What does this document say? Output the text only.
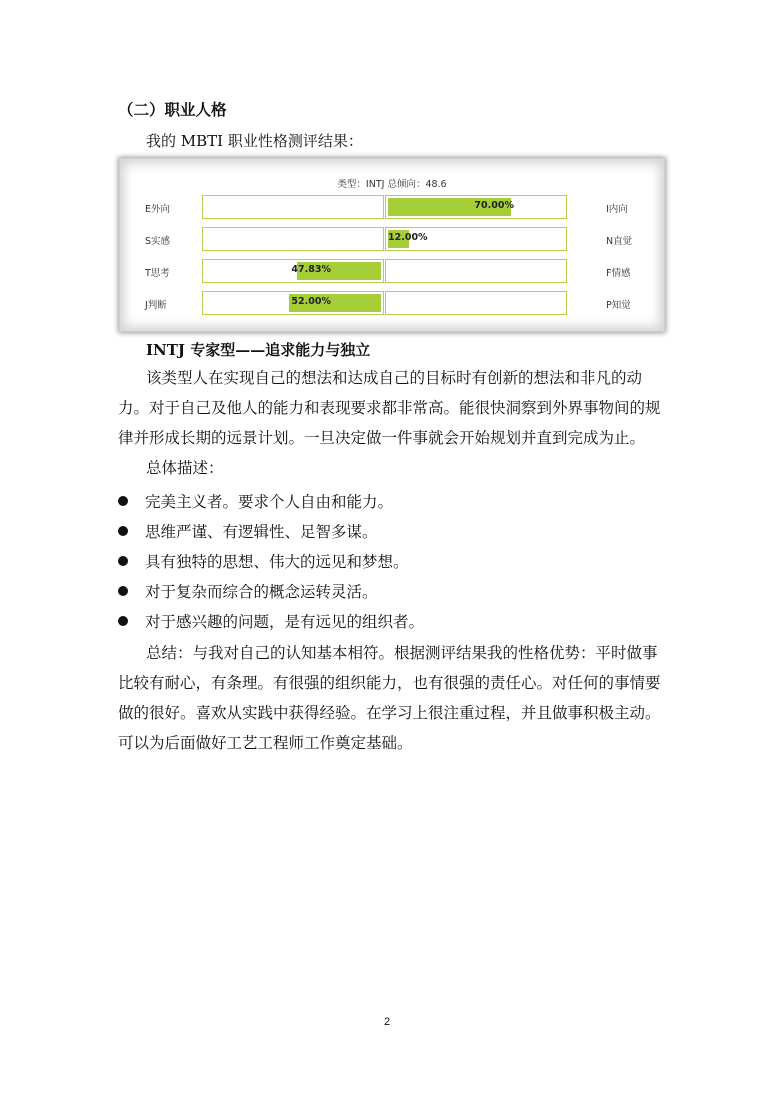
（二）职业人格
我的 MBTI 职业性格测评结果：
类型：INTJ 总倾向：48.6
E外向	70.00%	I内向
S实感	12.00%	N直觉
T思考	47.83%	F情感
J判断	52.00%	P知觉
INTJ 专家型——追求能力与独立
该类型人在实现自己的想法和达成自己的目标时有创新的想法和非凡的动
力。对于自己及他人的能力和表现要求都非常高。能很快洞察到外界事物间的规
律并形成长期的远景计划。一旦决定做一件事就会开始规划并直到完成为止。
总体描述：
完美主义者。要求个人自由和能力。
思维严谨、有逻辑性、足智多谋。
具有独特的思想、伟大的远见和梦想。
对于复杂而综合的概念运转灵活。
对于感兴趣的问题，是有远见的组织者。
总结：与我对自己的认知基本相符。根据测评结果我的性格优势：平时做事
比较有耐心，有条理。有很强的组织能力，也有很强的责任心。对任何的事情要
做的很好。喜欢从实践中获得经验。在学习上很注重过程，并且做事积极主动。
可以为后面做好工艺工程师工作奠定基础。
2
